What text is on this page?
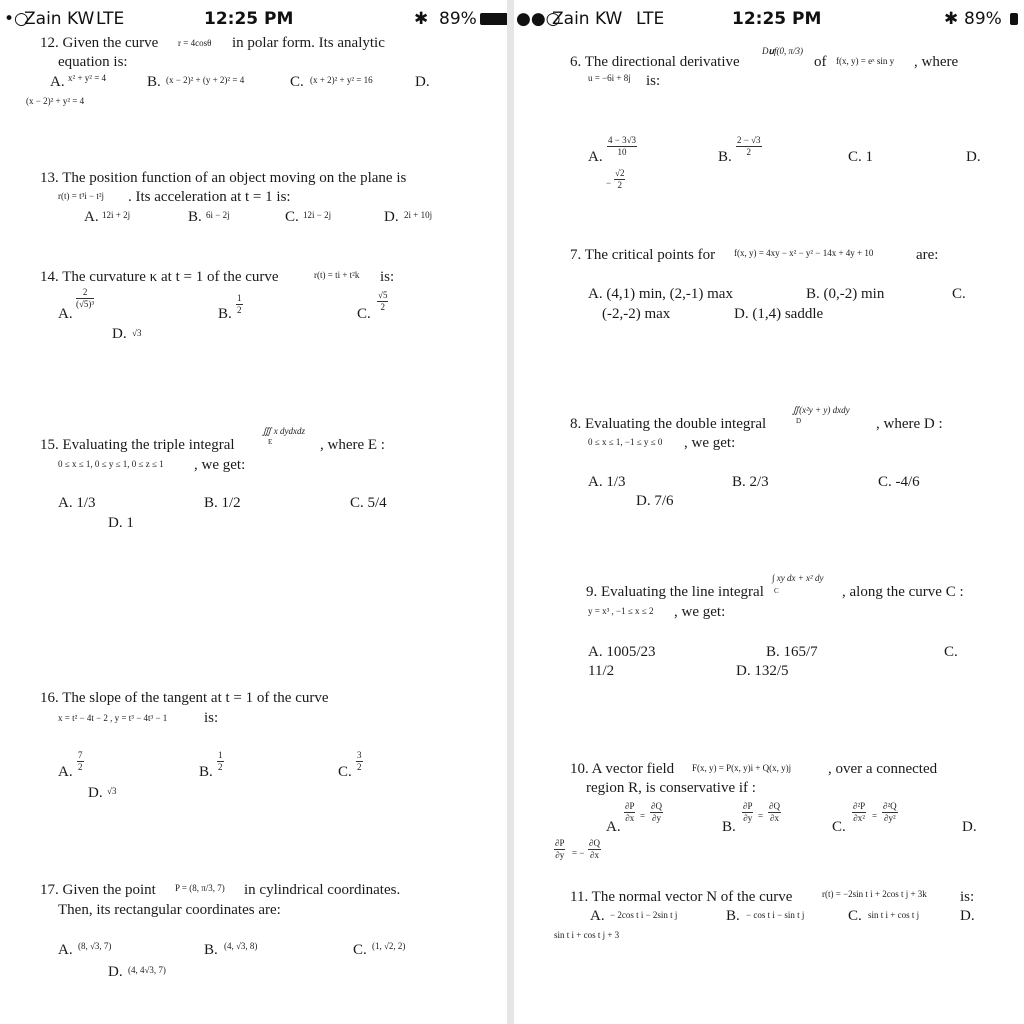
•○
Zain KW LTE	12:25 PM	✱ 89%
12. Given the curve r = 4cosθ in polar form. Its analytic
equation is:
A. x² + y² = 4	B. (x − 2)² + (y + 2)² = 4	C. (x + 2)² + y² = 16	D.
(x − 2)² + y² = 4
13. The position function of an object moving on the plane is
r(t) = t³i − t²j . Its acceleration at t = 1 is:
A. 12i + 2j	B. 6i − 2j	C. 12i − 2j	D. 2i + 10j
14. The curvature κ at t = 1 of the curve	r(t) = ti + t²k is:
A.
$\frac{2}{\text{(√5)³}}$
B. $\frac{1}{2}$	C.
$\frac{√5}{2}$
D. √3
15. Evaluating the triple integral
∭ x dydxdz
E	, where E :
0 ≤ x ≤ 1, 0 ≤ y ≤ 1, 0 ≤ z ≤ 1 , we get:
A. 1/3	B. 1/2	C. 5/4
D. 1
16. The slope of the tangent at t = 1 of the curve
x = t² − 4t − 2 , y = t³ − 4t³ − 1 is:
A. $\frac{7}{2}$	B. $\frac{1}{2}$	C. $\frac{3}{2}$
D. √3
17. Given the point P = (8, π/3, 7) in cylindrical coordinates.
Then, its rectangular coordinates are:
A. (8, √3, 7)	B. (4, √3, 8)	C. (1, √2, 2)
D. (4, 4√3, 7)
●●○
Zain KW LTE	12:25 PM	✱ 89%
6. The directional derivative
D𝐮f(0, π/3)
of f(x, y) = eˣ sin y , where
u = −6i + 8j is:
A. $\frac{4 - 3√3}{10}$	B. $\frac{2 - √3}{2}$	C. 1	D.
− $\frac{√2}{2}$
7. The critical points for f(x, y) = 4xy − x² − y² − 14x + 4y + 10	are:
A. (4,1) min, (2,-1) max	B. (0,-2) min	C.
(-2,-2) max	D. (1,4) saddle
8. Evaluating the double integral
∬(x²y + y) dxdy
D	, where D :
0 ≤ x ≤ 1, −1 ≤ y ≤ 0 , we get:
A. 1/3	B. 2/3	C. -4/6
D. 7/6
9. Evaluating the line integral
∫ xy dx + x² dy
C	, along the curve C :
y = x³ , −1 ≤ x ≤ 2 , we get:
A. 1005/23	B. 165/7	C.
11/2	D. 132/5
10. A vector field F(x, y) = P(x, y)i + Q(x, y)j , over a connected
region R, is conservative if :
A.
$\frac{\partial P}{\partial x} = \frac{\partial Q}{\partial y}$
B.
$\frac{\partial P}{\partial y} = \frac{\partial Q}{\partial x}$
C.
$\frac{\text{∂²P}}{\text{∂x²}} = \frac{\text{∂²Q}}{\text{∂y²}}$
D.
$\frac{\partial P}{\partial y}$ = − $\frac{\partial Q}{\partial x}$
11. The normal vector N of the curve	r(t) = −2sin t i + 2cos t j + 3k is:
A. − 2cos t i − 2sin t j	B. − cos t i − sin t j	C. sin t i + cos t j	D.
sin t i + cos t j + 3
